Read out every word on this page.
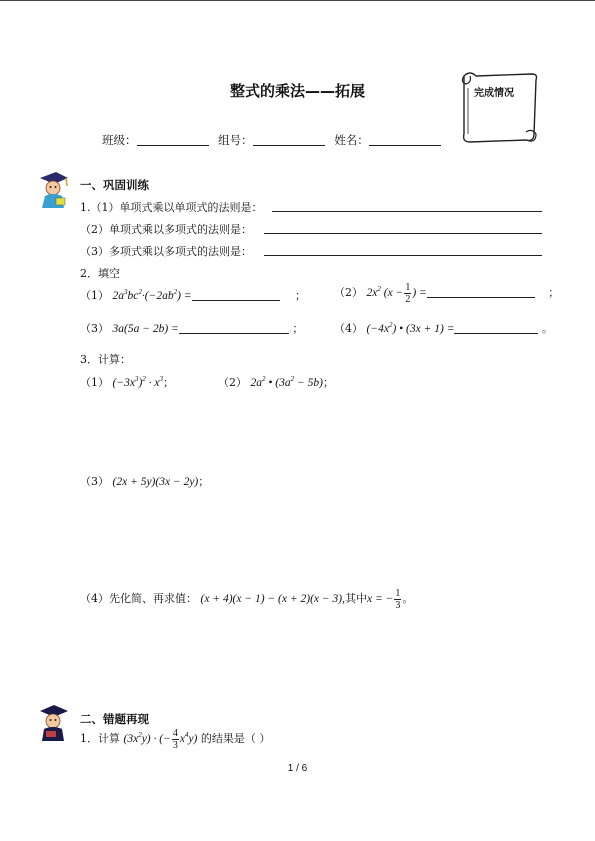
整式的乘法——拓展	完成情况
班级：	组号：	姓名：
一、巩固训练
1.（1）单项式乘以单项式的法则是：
（2）单项式乘以多项式的法则是：
（3）多项式乘以多项式的法则是：
2．填空
（1） $2a^3bc^2\cdot(-2ab^2)$ =	；	（2） $2x^2$ ($x - \frac{1}{2}$ ) =	；
（3） 3a(5a − 2b) =	；	（4） $(-4x^2)$ • (3x + 1) =	。
3．计算：
（1） $(-3x^3)^2 \cdot x^3$；	（2） $2a^2$ • $(3a^2 - 5b)$；
（3） (2x + 5y)(3x − 2y)；
（4）先化简、再求值： (x + 4)(x − 1) − (x + 2)(x − 3),其中x = − $\frac{1}{3}$ 。
二、错题再现
1．计算 $(3x^2y)$ · (− $\frac{4}{3} x^4y$) 的结果是（ ）
1 / 6
